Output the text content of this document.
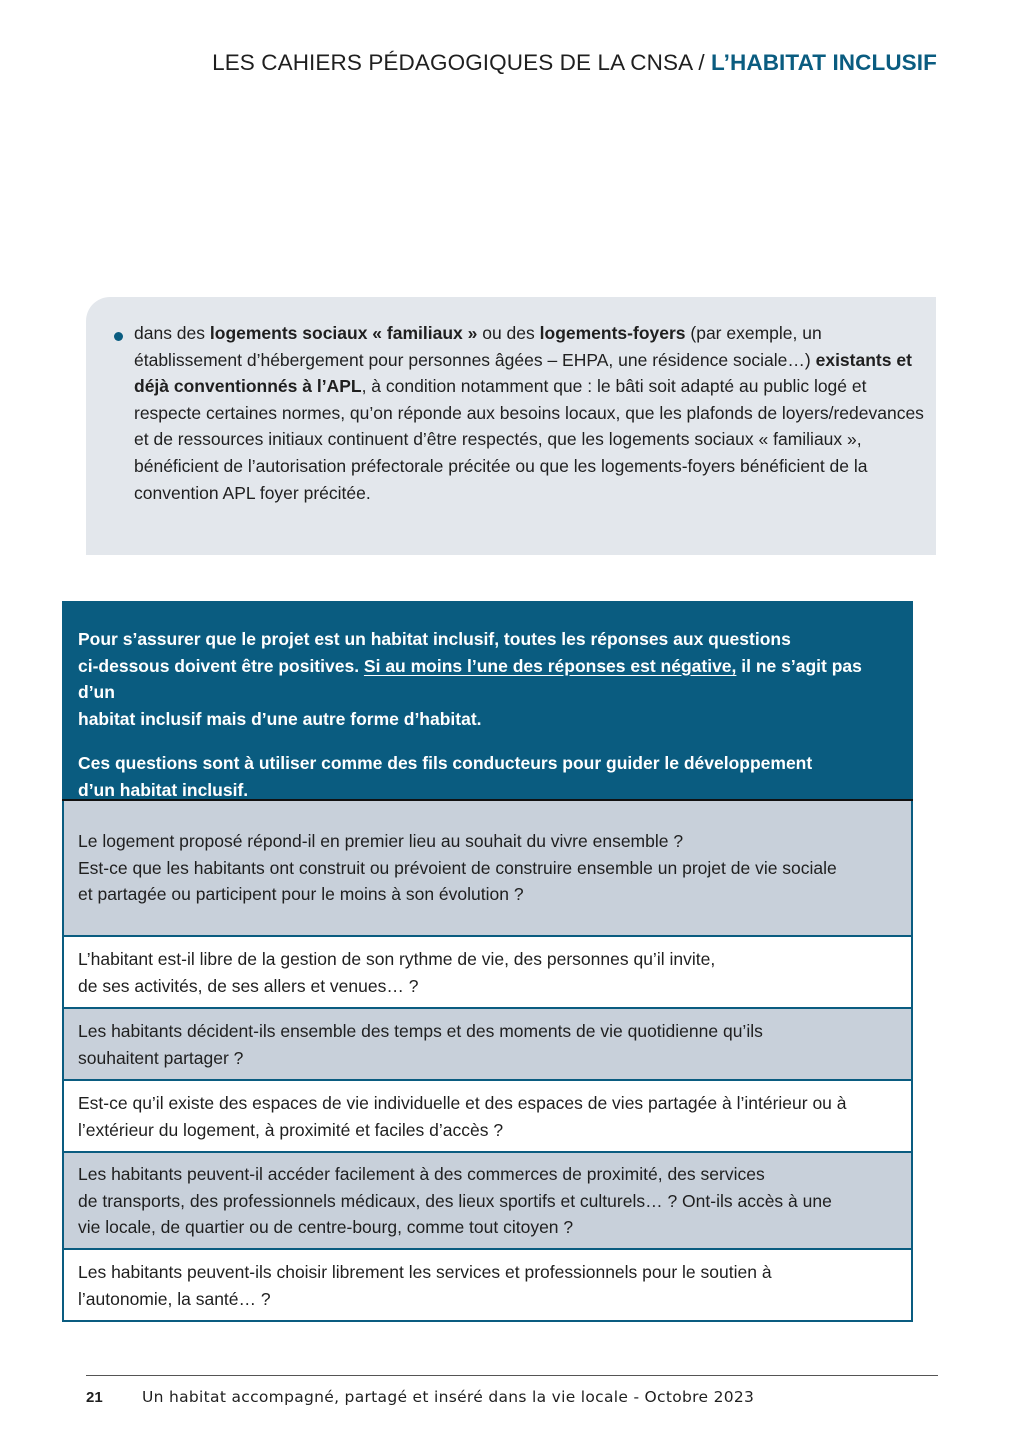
LES CAHIERS PÉDAGOGIQUES DE LA CNSA / L’HABITAT INCLUSIF
dans des logements sociaux « familiaux » ou des logements-foyers (par exemple, un établissement d’hébergement pour personnes âgées – EHPA, une résidence sociale…) existants et déjà conventionnés à l’APL, à condition notamment que : le bâti soit adapté au public logé et respecte certaines normes, qu’on réponde aux besoins locaux, que les plafonds de loyers/redevances et de ressources initiaux continuent d’être respectés, que les logements sociaux « familiaux », bénéficient de l’autorisation préfectorale précitée ou que les logements-foyers bénéficient de la convention APL foyer précitée.

Pour s’assurer que le projet est un habitat inclusif, toutes les réponses aux questions
ci-dessous doivent être positives. Si au moins l’une des réponses est négative, il ne s’agit pas d’un
habitat inclusif mais d’une autre forme d’habitat.

Ces questions sont à utiliser comme des fils conducteurs pour guider le développement
d’un habitat inclusif.

Le logement proposé répond-il en premier lieu au souhait du vivre ensemble ?
Est-ce que les habitants ont construit ou prévoient de construire ensemble un projet de vie sociale
et partagée ou participent pour le moins à son évolution ?
L’habitant est-il libre de la gestion de son rythme de vie, des personnes qu’il invite,
de ses activités, de ses allers et venues… ?
Les habitants décident-ils ensemble des temps et des moments de vie quotidienne qu’ils
souhaitent partager ?
Est-ce qu’il existe des espaces de vie individuelle et des espaces de vies partagée à l’intérieur ou à
l’extérieur du logement, à proximité et faciles d’accès ?
Les habitants peuvent-il accéder facilement à des commerces de proximité, des services
de transports, des professionnels médicaux, des lieux sportifs et culturels… ? Ont-ils accès à une
vie locale, de quartier ou de centre-bourg, comme tout citoyen ?
Les habitants peuvent-ils choisir librement les services et professionnels pour le soutien à
l’autonomie, la santé… ?
21	Un habitat accompagné, partagé et inséré dans la vie locale - Octobre 2023
